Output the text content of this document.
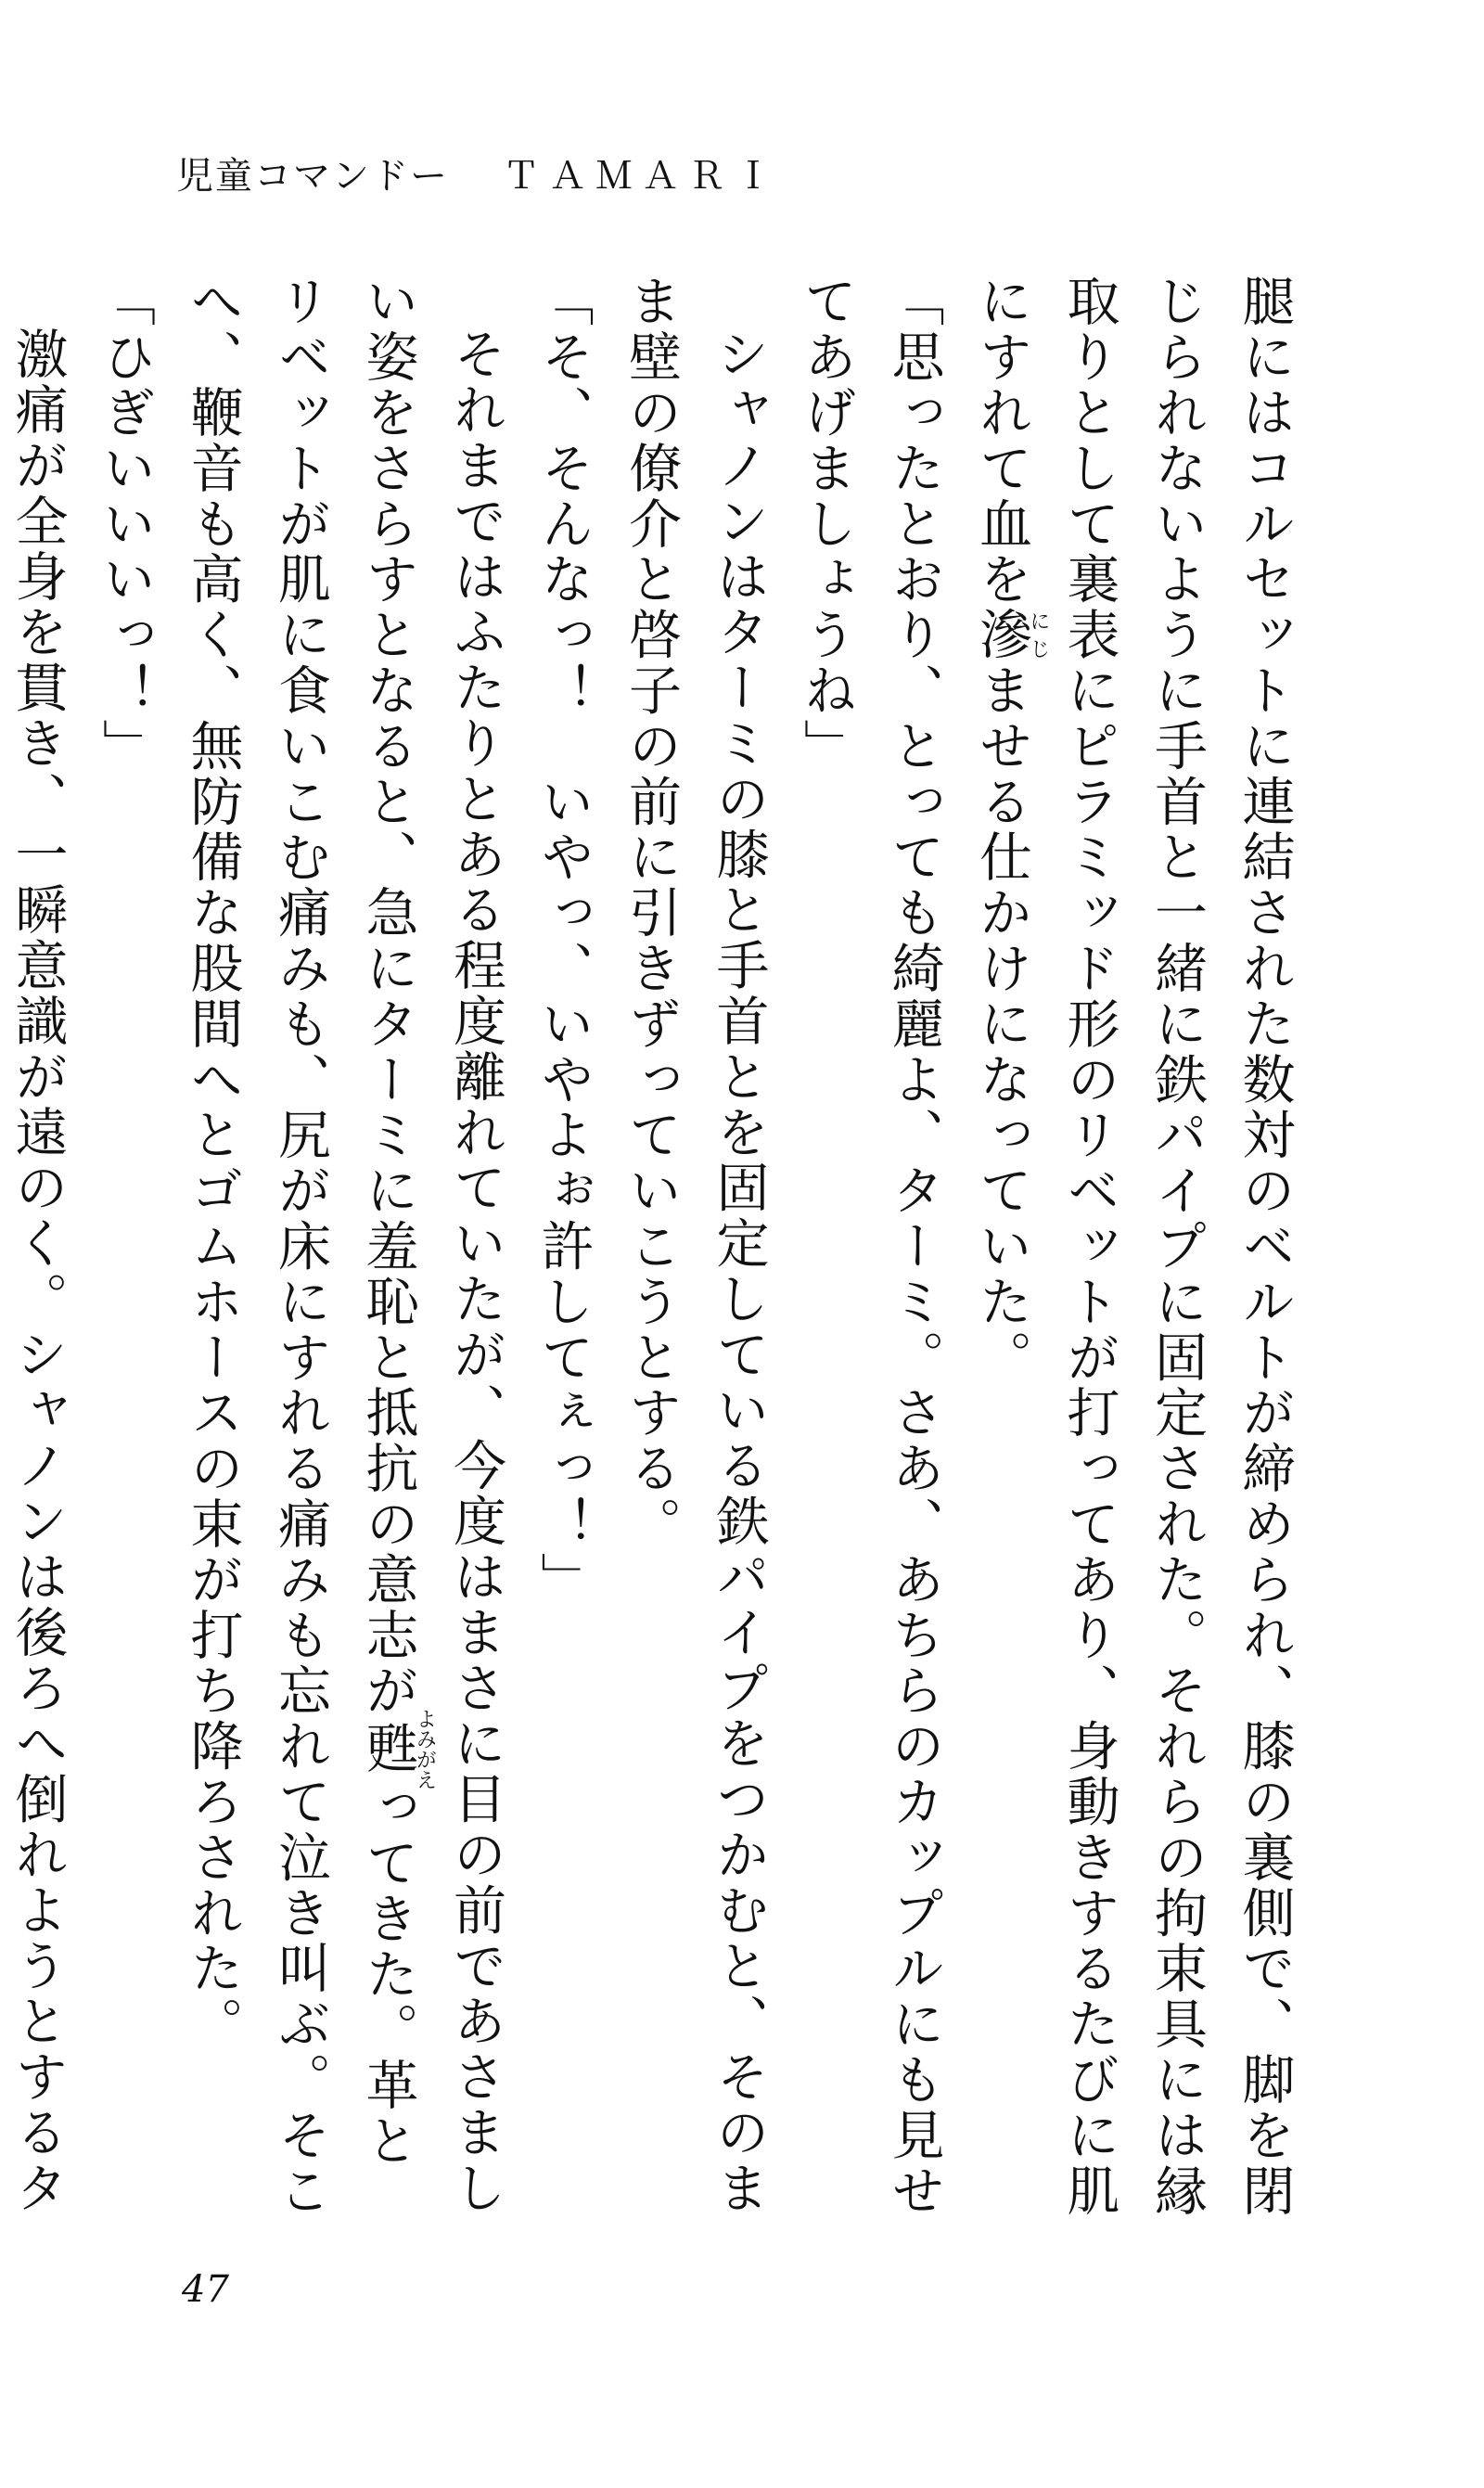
児童コマンドー ＴＡＭＡＲＩ

腿にはコルセットに連結された数対のベルトが締められ、膝の裏側で、脚を閉じられないように手首と一緒に鉄パイプに固定された。それらの拘束具には縁取りとして裏表にピラミッド形のリベットが打ってあり、身動きするたびに肌にすれて血を滲にじませる仕かけになっていた。

「思ったとおり、とっても綺麗よ、ターミ。さあ、あちらのカップルにも見せてあげましょうね」

シャノンはターミの膝と手首とを固定している鉄パイプをつかむと、そのまま壁の僚介と啓子の前に引きずっていこうとする。

「そ、そんなっ！　いやっ、いやよぉ許してぇっ！」

それまではふたりとある程度離れていたが、今度はまさに目の前であさましい姿をさらすとなると、急にターミに羞恥と抵抗の意志が甦よみがえってきた。革とリベットが肌に食いこむ痛みも、尻が床にすれる痛みも忘れて泣き叫ぶ。そこへ、鞭音も高く、無防備な股間へとゴムホースの束が打ち降ろされた。

「ひぎいいいっ！」

激痛が全身を貫き、一瞬意識が遠のく。シャノンは後ろへ倒れようとするタ

47
